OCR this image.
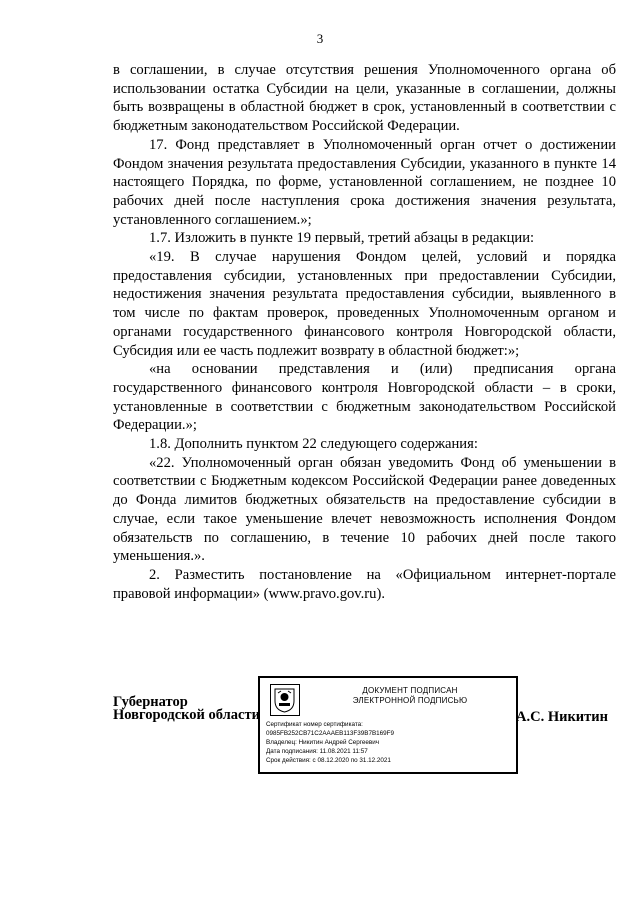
3

в соглашении, в случае отсутствия решения Уполномоченного органа об использовании остатка Субсидии на цели, указанные в соглашении, должны быть возвращены в областной бюджет в срок, установленный в соответствии с бюджетным законодательством Российской Федерации.

17. Фонд представляет в Уполномоченный орган отчет о достижении Фондом значения результата предоставления Субсидии, указанного в пункте 14 настоящего Порядка, по форме, установленной соглашением, не позднее 10 рабочих дней после наступления срока достижения значения результата, установленного соглашением.»;

1.7. Изложить в пункте 19 первый, третий абзацы в редакции:

«19. В случае нарушения Фондом целей, условий и порядка предоставления субсидии, установленных при предоставлении Субсидии, недостижения значения результата предоставления субсидии, выявленного в том числе по фактам проверок, проведенных Уполномоченным органом и органами государственного финансового контроля Новгородской области, Субсидия или ее часть подлежит возврату в областной бюджет:»;

«на основании представления и (или) предписания органа государственного финансового контроля Новгородской области – в сроки, установленные в соответствии с бюджетным законодательством Российской Федерации.»;

1.8. Дополнить пунктом 22 следующего содержания:

«22. Уполномоченный орган обязан уведомить Фонд об уменьшении в соответствии с Бюджетным кодексом Российской Федерации ранее доведенных до Фонда лимитов бюджетных обязательств на предоставление субсидии в случае, если такое уменьшение влечет невозможность исполнения Фондом обязательств по соглашению, в течение 10 рабочих дней после такого уменьшения.».

2. Разместить постановление на «Официальном интернет-портале правовой информации» (www.pravo.gov.ru).

Губернатор
Новгородской области
ДОКУМЕНТ ПОДПИСАН
ЭЛЕКТРОННОЙ ПОДПИСЬЮ
Сертификат номер сертификата:
0985FB252CB71C2AAAEB113F39B7B169F9
Владелец: Никитин Андрей Сергеевич
Дата подписания: 11.08.2021 11:57
Срок действия: с 08.12.2020 по 31.12.2021
А.С. Никитин
